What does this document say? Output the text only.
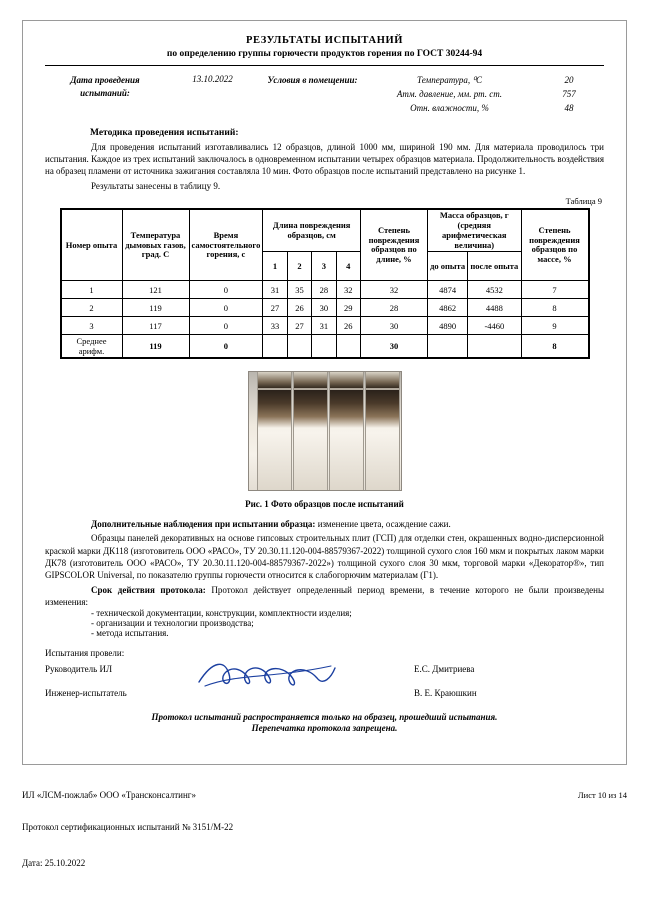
РЕЗУЛЬТАТЫ ИСПЫТАНИЙ
по определению группы горючести продуктов горения по ГОСТ 30244-94
Дата проведения испытаний:
13.10.2022	Условия в помещении:	Температура, ⁰С	20
Атм. давление, мм. рт. ст.	757
Отн. влажности, %	48
Методика проведения испытаний:

Для проведения испытаний изготавливались 12 образцов, длиной 1000 мм, шириной 190 мм. Для материала проводилось три испытания. Каждое из трех испытаний заключалось в одновременном испытании четырех образцов материала. Продолжительность воздействия на образец пламени от источника зажигания составляла 10 мин. Фото образцов после испытаний представлено на рисунке 1.

Результаты занесены в таблицу 9.

Таблица 9
Номер опыта	Температура дымовых газов, град. С	Время самостоятельного горения, с	Длина повреждения образцов, см				Степень повреждения образцов по длине, %	Масса образцов, г (средняя арифметическая величина)		Степень повреждения образцов по массе, %
			1	2	3	4		до опыта	после опыта	

1	121	0	31	35	28	32	32	4874	4532	7
2	119	0	27	26	30	29	28	4862	4488	8
3	117	0	33	27	31	26	30	4890	-4460	9
Среднее арифм.	119	0					30			8
Рис. 1 Фото образцов после испытаний
Дополнительные наблюдения при испытании образца: изменение цвета, осаждение сажи.

Образцы панелей декоративных на основе гипсовых строительных плит (ГСП) для отделки стен, окрашенных водно-дисперсионной краской марки ДК118 (изготовитель ООО «РАСО», ТУ 20.30.11.120-004-88579367-2022) толщиной сухого слоя 160 мкм и покрытых лаком марки ДК78 (изготовитель ООО «РАСО», ТУ 20.30.11.120-004-88579367-2022») толщиной сухого слоя 30 мкм, торговой марки «Декоратор®», тип GIPSCOLOR Universal, по показателю группы горючести относится к слабогорючим материалам (Г1).

Срок действия протокола: Протокол действует определенный период времени, в течение которого не были произведены изменения:

- технической документации, конструкции, комплектности изделия;
- организации и технологии производства;
- метода испытания.
Испытания провели:
Руководитель ИЛ	Е.С. Дмитриева
Инженер-испытатель	В. Е. Краюшкин
Протокол испытаний распространяется только на образец, прошедший испытания.
Перепечатка протокола запрещена.
ИЛ «ЛСМ-пожлаб» ООО «Трансконсалтинг»	Лист 10 из 14
Протокол сертификационных испытаний № 3151/М-22
Дата: 25.10.2022
